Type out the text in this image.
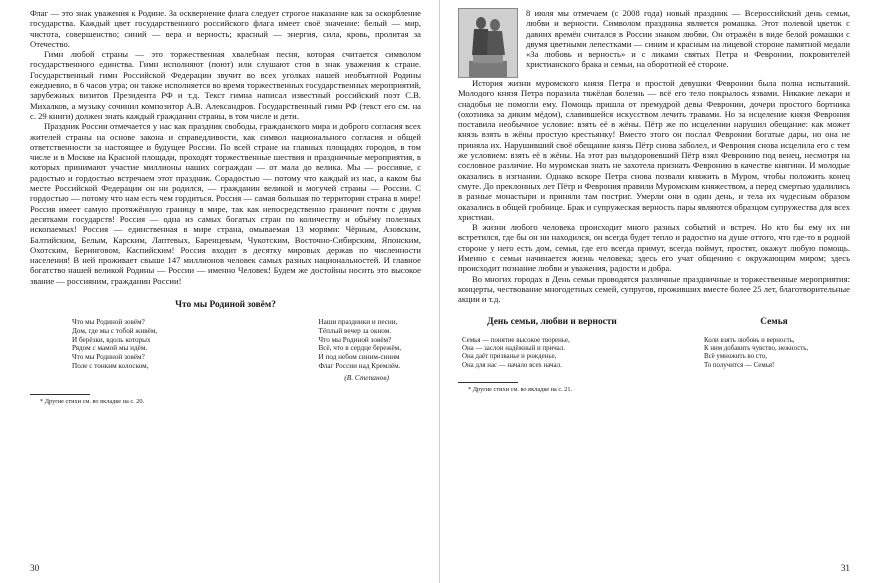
Флаг — это знак уважения к Родине. За осквернение флага следует строгое наказание как за оскорбление государства. Каждый цвет государственного российского флага имеет своё значение: белый — мир, чистота, совершенство; синий — вера и верность; красный — энергия, сила, кровь, пролитая за Отечество.

Гимн любой страны — это торжественная хвалебная песня, которая считается символом государственного единства. Гимн исполняют (поют) или слушают стоя в знак уважения к стране. Государственный гимн Российской Федерации звучит во всех уголках нашей необъятной Родины ежедневно, в 6 часов утра; он также исполняется во время торжественных государственных мероприятий, зарубежных визитов Президента РФ и т.д. Текст гимна написал известный российский поэт С.В. Михалков, а музыку сочинил композитор А.В. Александров. Государственный гимн РФ (текст его см. на с. 29 книги) должен знать каждый гражданин страны, в том числе и дети.

Праздник России отмечается у нас как праздник свободы, гражданского мира и доброго согласия всех жителей страны на основе закона и справедливости, как символ национального согласия и общей ответственности за настоящее и будущее России. По всей стране на главных площадях городов, в том числе и в Москве на Красной площади, проходят торжественные шествия и праздничные мероприятия, в которых принимают участие миллионы наших сограждан — от мала до велика. Мы — россияне, с радостью и гордостью встречаем этот праздник. Сорадостью — потому что каждый из нас, а каком бы месте Российской Федерации он ни родился, — гражданин великой и могучей страны — России. С гордостью — потому что нам есть чем гордиться. Россия — самая большая по территории страна в мире! Россия имеет самую протяжённую границу в мире, так как непосредственно граничит почти с двумя десятками государств! Россия — одна из самых богатых стран по количеству и объёму полезных ископаемых! Россия — единственная в мире страна, омываемая 13 морями: Чёрным, Азовским, Балтийским, Белым, Карским, Лаптевых, Баренцевым, Чукотским, Восточно-Сибирским, Японским, Охотским, Беринговом, Каспийским! Россия входит в десятку мировых держав по численности населения! В ней проживает свыше 147 миллионов человек самых разных национальностей. И главное богатство нашей великой Родины — России — именно Человек! Будем же достойны носить это высокое звание — россияним, гражданин России!

Что мы Родиной зовём?
Что мы Родиной зовём?
Дом, где мы с тобой живём,
И берёзки, вдоль которых
Рядом с мамой мы идём.
Что мы Родиной зовём?
Поле с тонким колоском,
Наши праздники и песни,
Тёплый вечер за окном.
Что мы Родиной зовём?
Всё, что в сердце бережём,
И под небом синим-синим
Флаг России над Кремлём.
(В. Степанов)
* Другие стихи см. во вкладке на с. 20.
30

8 июля мы отмечаем (с 2008 года) новый праздник — Всероссийский день семьи, любви и верности. Символом праздника является ромашка. Этот полевой цветок с давних времён считался в России знаком любви. Он отражён в виде белой ромашки с двумя цветными лепестками — синим и красным на лицевой стороне памятной медали «За любовь и верность» и с ликами святых Петра и Февронии, покровителей христианского брака и семьи, на оборотной её стороне.

История жизни муромского князя Петра и простой девушки Февронии была полна испытаний. Молодого князя Петра поразила тяжёлая болезнь — всё его тело покрылось язвами. Никакие лекари и снадобья не помогли ему. Помощь пришла от премудрой девы Февронии, дочери простого бортника (охотника за диким мёдом), славившейся искусством лечить травами. Но за исцеление князя Феврония поставила необычное условие: взять её в жёны. Пётр же по исцелении нарушил обещание: как может князь взять в жёны простую крестьянку! Вместо этого он послал Февронии богатые дары, но она не приняла их. Нарушивший своё обещание князь Пётр снова заболел, и Феврония снова исцелила его с тем же условием: взять её в жёны. На этот раз выздоровевший Пётр взял Февронию под венец, несмотря на сословное различие. Но муромская знать не захотела признать Февронию в качестве княгини. И молодые оказались в изгнании. Однако вскоре Петра снова позвали княжить в Муром, чтобы положить конец смуте. До преклонных лет Пётр и Феврония правили Муромским княжеством, а перед смертью удалились в разные монастыри и приняли там постриг. Умерли они в один день, и тела их чудесным образом оказались в общей гробнице. Брак и супружеская верность пары являются образцом супружества для всех христиан.

В жизни любого человека происходит много разных событий и встреч. Но кто бы ему их ни встретился, где бы он ни находился, он всегда будет тепло и радостно на душе оттого, что где-то в родной стороне у него есть дом, семья, где его всегда примут, всегда поймут, простят, окажут любую помощь. Именно с семьи начинается жизнь человека; здесь его учат общению с окружающим миром; здесь происходит познание любви и уважения, радости и добра.

Во многих городах в День семьи проводятся различные праздничные и торжественные мероприятия: концерты, чествование многодетных семей, супругов, проживших вместе более 25 лет, благотворительные акции и т.д.

День семьи, любви и верности
Семья — понятие высокое творенье,
Она — заслон надёжный и причал.
Она даёт призванье и рожденье,
Она для нас — начало всех начал.
Семья
Коли взять любовь и верность,
К ним добавить чувство, нежность,
Всё умножить во сто,
То получится — Семья!
* Другие стихи см. во вкладке на с. 21.
31
